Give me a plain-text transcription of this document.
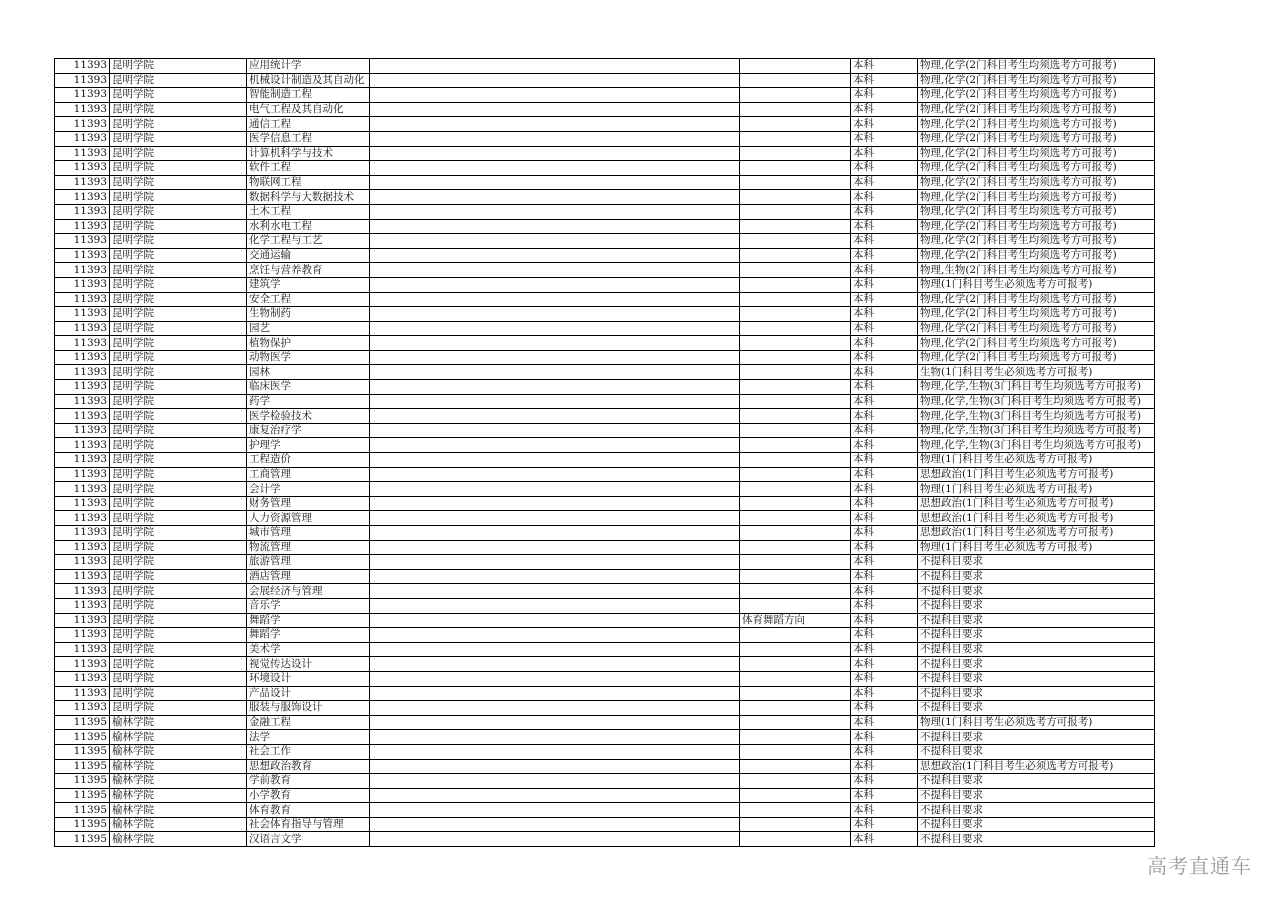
11393	昆明学院	应用统计学			本科	物理,化学(2门科目考生均须选考方可报考)
11393	昆明学院	机械设计制造及其自动化			本科	物理,化学(2门科目考生均须选考方可报考)
11393	昆明学院	智能制造工程			本科	物理,化学(2门科目考生均须选考方可报考)
11393	昆明学院	电气工程及其自动化			本科	物理,化学(2门科目考生均须选考方可报考)
11393	昆明学院	通信工程			本科	物理,化学(2门科目考生均须选考方可报考)
11393	昆明学院	医学信息工程			本科	物理,化学(2门科目考生均须选考方可报考)
11393	昆明学院	计算机科学与技术			本科	物理,化学(2门科目考生均须选考方可报考)
11393	昆明学院	软件工程			本科	物理,化学(2门科目考生均须选考方可报考)
11393	昆明学院	物联网工程			本科	物理,化学(2门科目考生均须选考方可报考)
11393	昆明学院	数据科学与大数据技术			本科	物理,化学(2门科目考生均须选考方可报考)
11393	昆明学院	土木工程			本科	物理,化学(2门科目考生均须选考方可报考)
11393	昆明学院	水利水电工程			本科	物理,化学(2门科目考生均须选考方可报考)
11393	昆明学院	化学工程与工艺			本科	物理,化学(2门科目考生均须选考方可报考)
11393	昆明学院	交通运输			本科	物理,化学(2门科目考生均须选考方可报考)
11393	昆明学院	烹饪与营养教育			本科	物理,生物(2门科目考生均须选考方可报考)
11393	昆明学院	建筑学			本科	物理(1门科目考生必须选考方可报考)
11393	昆明学院	安全工程			本科	物理,化学(2门科目考生均须选考方可报考)
11393	昆明学院	生物制药			本科	物理,化学(2门科目考生均须选考方可报考)
11393	昆明学院	园艺			本科	物理,化学(2门科目考生均须选考方可报考)
11393	昆明学院	植物保护			本科	物理,化学(2门科目考生均须选考方可报考)
11393	昆明学院	动物医学			本科	物理,化学(2门科目考生均须选考方可报考)
11393	昆明学院	园林			本科	生物(1门科目考生必须选考方可报考)
11393	昆明学院	临床医学			本科	物理,化学,生物(3门科目考生均须选考方可报考)
11393	昆明学院	药学			本科	物理,化学,生物(3门科目考生均须选考方可报考)
11393	昆明学院	医学检验技术			本科	物理,化学,生物(3门科目考生均须选考方可报考)
11393	昆明学院	康复治疗学			本科	物理,化学,生物(3门科目考生均须选考方可报考)
11393	昆明学院	护理学			本科	物理,化学,生物(3门科目考生均须选考方可报考)
11393	昆明学院	工程造价			本科	物理(1门科目考生必须选考方可报考)
11393	昆明学院	工商管理			本科	思想政治(1门科目考生必须选考方可报考)
11393	昆明学院	会计学			本科	物理(1门科目考生必须选考方可报考)
11393	昆明学院	财务管理			本科	思想政治(1门科目考生必须选考方可报考)
11393	昆明学院	人力资源管理			本科	思想政治(1门科目考生必须选考方可报考)
11393	昆明学院	城市管理			本科	思想政治(1门科目考生必须选考方可报考)
11393	昆明学院	物流管理			本科	物理(1门科目考生必须选考方可报考)
11393	昆明学院	旅游管理			本科	不提科目要求
11393	昆明学院	酒店管理			本科	不提科目要求
11393	昆明学院	会展经济与管理			本科	不提科目要求
11393	昆明学院	音乐学			本科	不提科目要求
11393	昆明学院	舞蹈学		体育舞蹈方向	本科	不提科目要求
11393	昆明学院	舞蹈学			本科	不提科目要求
11393	昆明学院	美术学			本科	不提科目要求
11393	昆明学院	视觉传达设计			本科	不提科目要求
11393	昆明学院	环境设计			本科	不提科目要求
11393	昆明学院	产品设计			本科	不提科目要求
11393	昆明学院	服装与服饰设计			本科	不提科目要求
11395	榆林学院	金融工程			本科	物理(1门科目考生必须选考方可报考)
11395	榆林学院	法学			本科	不提科目要求
11395	榆林学院	社会工作			本科	不提科目要求
11395	榆林学院	思想政治教育			本科	思想政治(1门科目考生必须选考方可报考)
11395	榆林学院	学前教育			本科	不提科目要求
11395	榆林学院	小学教育			本科	不提科目要求
11395	榆林学院	体育教育			本科	不提科目要求
11395	榆林学院	社会体育指导与管理			本科	不提科目要求
11395	榆林学院	汉语言文学			本科	不提科目要求
高考直通车
